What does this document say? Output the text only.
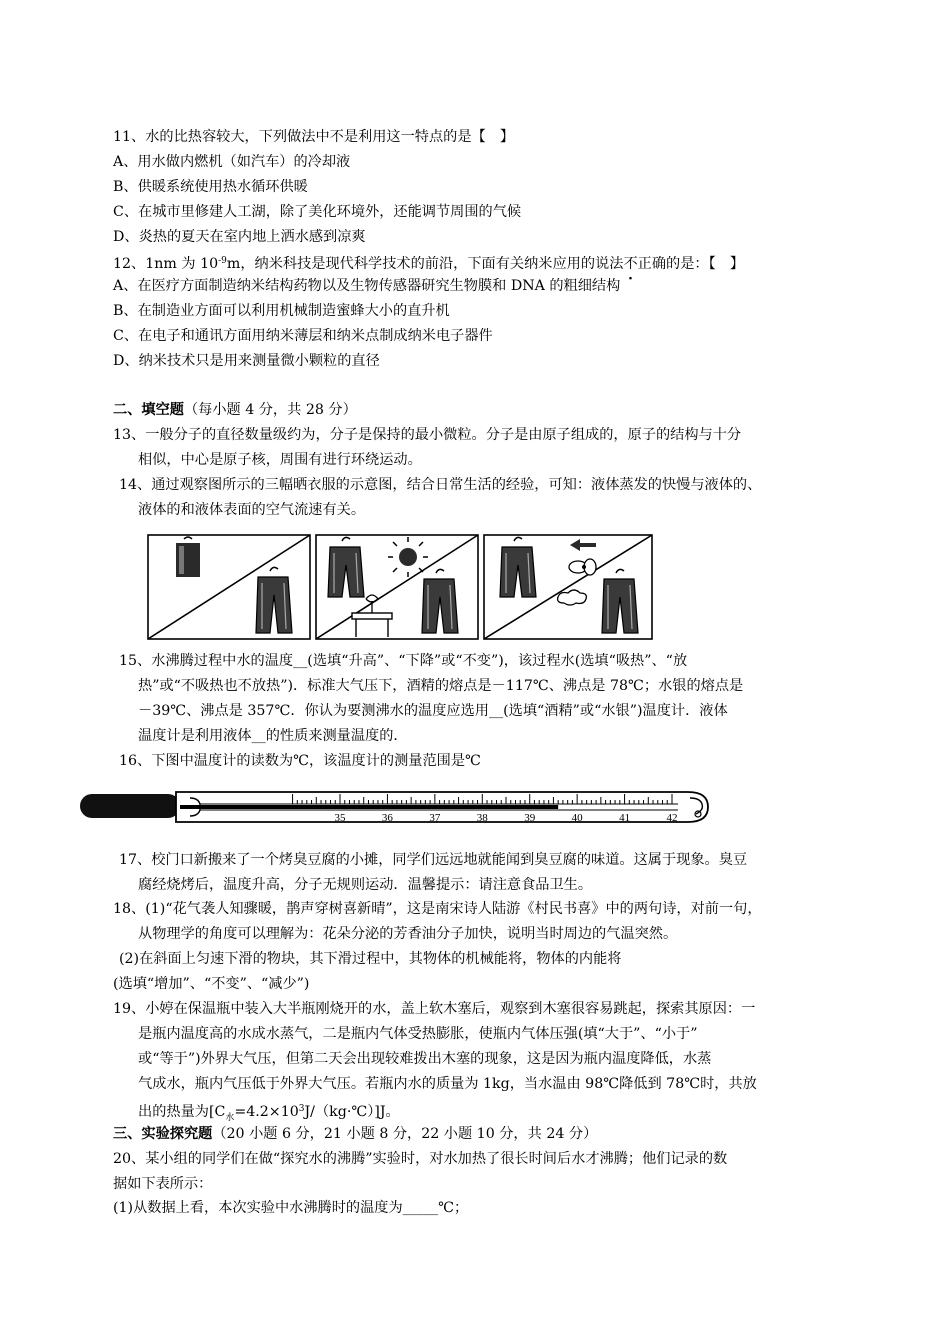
11、水的比热容较大，下列做法中不是利用这一特点的是【　】
A、用水做内燃机（如汽车）的冷却液
B、供暖系统使用热水循环供暖
C、在城市里修建人工湖，除了美化环境外，还能调节周围的气候
D、炎热的夏天在室内地上洒水感到凉爽
12、1nm 为 $10^{-9}m$，纳米科技是现代科学技术的前沿，下面有关纳米应用的说法不正确的是：【　】
A、在医疗方面制造纳米结构药物以及生物传感器研究生物膜和 DNA 的粗细结构
B、在制造业方面可以利用机械制造蜜蜂大小的直升机
C、在电子和通讯方面用纳米薄层和纳米点制成纳米电子器件
D、纳米技术只是用来测量微小颗粒的直径
二、填空题（每小题 4 分，共 28 分）
13、一般分子的直径数量级约为，分子是保持的最小微粒。分子是由原子组成的，原子的结构与十分
相似，中心是原子核，周围有进行环绕运动。
14、通过观察图所示的三幅晒衣服的示意图，结合日常生活的经验，可知：液体蒸发的快慢与液体的、
液体的和液体表面的空气流速有关。
15、水沸腾过程中水的温度__(选填“升高”、“下降”或“不变”)，该过程水(选填“吸热”、“放
热”或“不吸热也不放热”)．标准大气压下，酒精的熔点是－117℃、沸点是 78℃；水银的熔点是
－39℃、沸点是 357℃．你认为要测沸水的温度应选用__(选填“酒精”或“水银”)温度计．液体
温度计是利用液体__的性质来测量温度的．
16、下图中温度计的读数为℃，该温度计的测量范围是℃
35	36	37	38	39	40	41	42
17、校门口新搬来了一个烤臭豆腐的小摊，同学们远远地就能闻到臭豆腐的味道。这属于现象。臭豆
腐经烧烤后，温度升高，分子无规则运动．温馨提示：请注意食品卫生。
18、(1)“花气袭人知骤暖，鹊声穿树喜新晴”，这是南宋诗人陆游《村民书喜》中的两句诗，对前一句，
从物理学的角度可以理解为：花朵分泌的芳香油分子加快，说明当时周边的气温突然。
(2)在斜面上匀速下滑的物块，其下滑过程中，其物体的机械能将，物体的内能将
(选填“增加”、“不变”、“减少”)
19、小婷在保温瓶中装入大半瓶刚烧开的水，盖上软木塞后，观察到木塞很容易跳起，探索其原因：一
是瓶内温度高的水成水蒸气，二是瓶内气体受热膨胀，使瓶内气体压强(填“大于”、“小于”
或“等于”)外界大气压，但第二天会出现较难拨出木塞的现象，这是因为瓶内温度降低，水蒸
气成水，瓶内气压低于外界大气压。若瓶内水的质量为 1kg，当水温由 98℃降低到 78℃时，共放
出的热量为$[C_水=4.2\times 10^3J/(kg\cdot℃)]J$。
三、实验探究题（20 小题 6 分，21 小题 8 分，22 小题 10 分，共 24 分）
20、某小组的同学们在做“探究水的沸腾”实验时，对水加热了很长时间后水才沸腾；他们记录的数
据如下表所示：
(1)从数据上看，本次实验中水沸腾时的温度为_____℃；
